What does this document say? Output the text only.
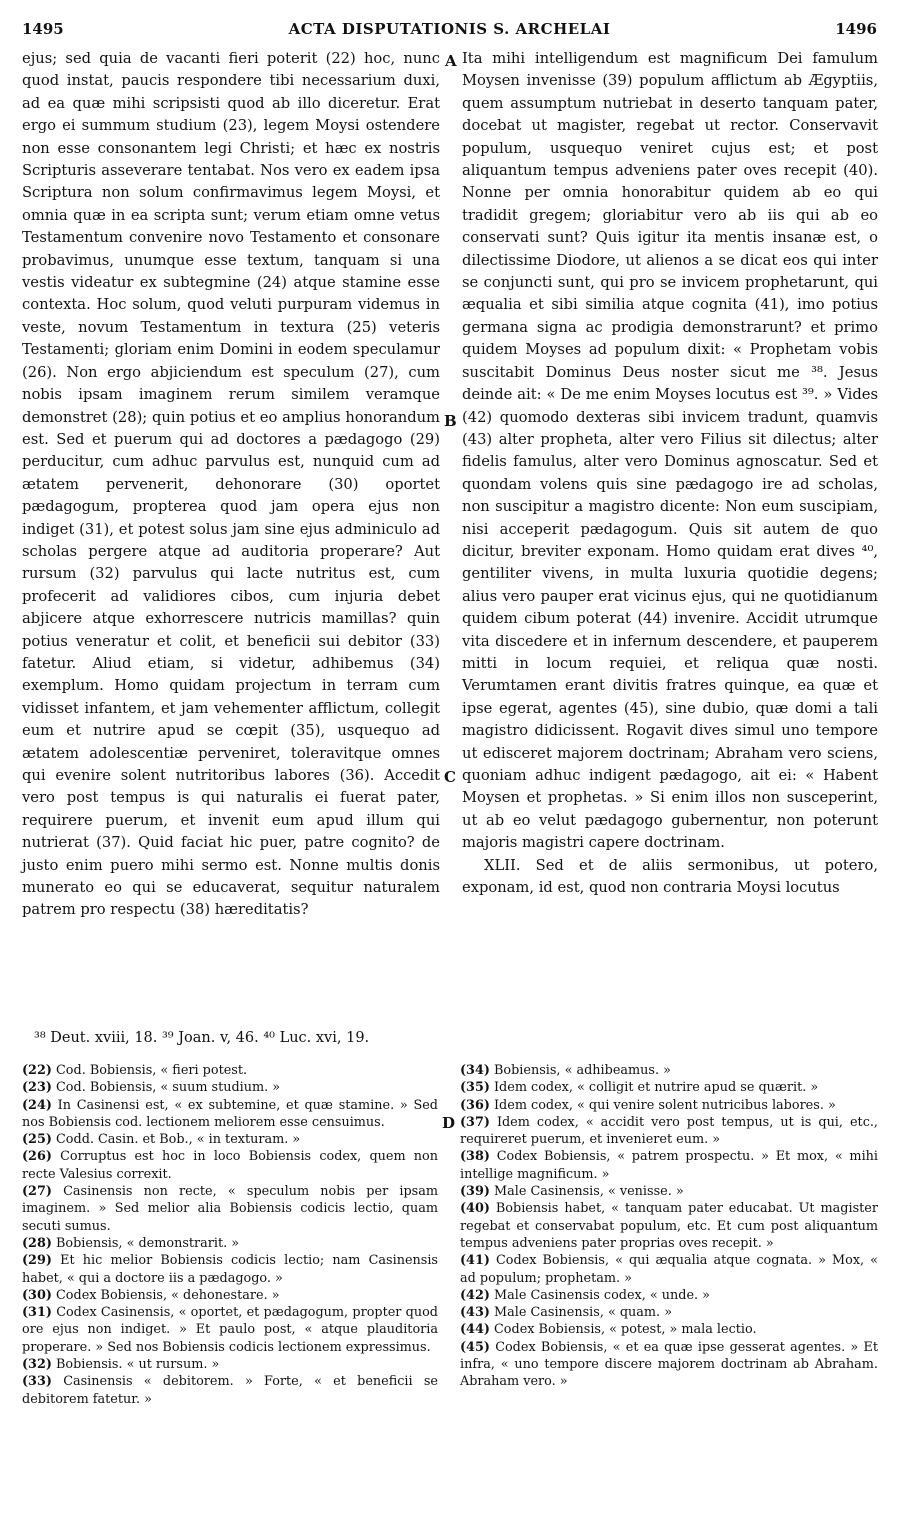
1495	ACTA DISPUTATIONIS S. ARCHELAI	1496

ejus; sed quia de vacanti fieri poterit (22) hoc, nunc quod instat, paucis respondere tibi necessarium duxi, ad ea quæ mihi scripsisti quod ab illo diceretur. Erat ergo ei summum studium (23), legem Moysi ostendere non esse consonantem legi Christi; et hæc ex nostris Scripturis asseverare tentabat. Nos vero ex eadem ipsa Scriptura non solum confirmavimus legem Moysi, et omnia quæ in ea scripta sunt; verum etiam omne vetus Testamentum convenire novo Testamento et consonare probavimus, unumque esse textum, tanquam si una vestis videatur ex subtegmine (24) atque stamine esse contexta. Hoc solum, quod veluti purpuram videmus in veste, novum Testamentum in textura (25) veteris Testamenti; gloriam enim Domini in eodem speculamur (26). Non ergo abjiciendum est speculum (27), cum nobis ipsam imaginem rerum similem veramque demonstret (28); quin potius et eo amplius honorandum est. Sed et puerum qui ad doctores a pædagogo (29) perducitur, cum adhuc parvulus est, nunquid cum ad ætatem pervenerit, dehonorare (30) oportet pædagogum, propterea quod jam opera ejus non indiget (31), et potest solus jam sine ejus adminiculo ad scholas pergere atque ad auditoria properare? Aut rursum (32) parvulus qui lacte nutritus est, cum profecerit ad validiores cibos, cum injuria debet abjicere atque exhorrescere nutricis mamillas? quin potius veneratur et colit, et beneficii sui debitor (33) fatetur. Aliud etiam, si videtur, adhibemus (34) exemplum. Homo quidam projectum in terram cum vidisset infantem, et jam vehementer afflictum, collegit eum et nutrire apud se cœpit (35), usquequo ad ætatem adolescentiæ perveniret, toleravitque omnes qui evenire solent nutritoribus labores (36). Accedit vero post tempus is qui naturalis ei fuerat pater, requirere puerum, et invenit eum apud illum qui nutrierat (37). Quid faciat hic puer, patre cognito? de justo enim puero mihi sermo est. Nonne multis donis munerato eo qui se educaverat, sequitur naturalem patrem pro respectu (38) hæreditatis?

A
B
C
D

Ita mihi intelligendum est magnificum Dei famulum Moysen invenisse (39) populum afflictum ab Ægyptiis, quem assumptum nutriebat in deserto tanquam pater, docebat ut magister, regebat ut rector. Conservavit populum, usquequo veniret cujus est; et post aliquantum tempus adveniens pater oves recepit (40). Nonne per omnia honorabitur quidem ab eo qui tradidit gregem; gloriabitur vero ab iis qui ab eo conservati sunt? Quis igitur ita mentis insanæ est, o dilectissime Diodore, ut alienos a se dicat eos qui inter se conjuncti sunt, qui pro se invicem prophetarunt, qui æqualia et sibi similia atque cognita (41), imo potius germana signa ac prodigia demonstrarunt? et primo quidem Moyses ad populum dixit: « Prophetam vobis suscitabit Dominus Deus noster sicut me ³⁸. Jesus deinde ait: « De me enim Moyses locutus est ³⁹. » Vides (42) quomodo dexteras sibi invicem tradunt, quamvis (43) alter propheta, alter vero Filius sit dilectus; alter fidelis famulus, alter vero Dominus agnoscatur. Sed et quondam volens quis sine pædagogo ire ad scholas, non suscipitur a magistro dicente: Non eum suscipiam, nisi acceperit pædagogum. Quis sit autem de quo dicitur, breviter exponam. Homo quidam erat dives ⁴⁰, gentiliter vivens, in multa luxuria quotidie degens; alius vero pauper erat vicinus ejus, qui ne quotidianum quidem cibum poterat (44) invenire. Accidit utrumque vita discedere et in infernum descendere, et pauperem mitti in locum requiei, et reliqua quæ nosti. Verumtamen erant divitis fratres quinque, ea quæ et ipse egerat, agentes (45), sine dubio, quæ domi a tali magistro didicissent. Rogavit dives simul uno tempore ut edisceret majorem doctrinam; Abraham vero sciens, quoniam adhuc indigent pædagogo, ait ei: « Habent Moysen et prophetas. » Si enim illos non susceperint, ut ab eo velut pædagogo gubernentur, non poterunt majoris magistri capere doctrinam.

XLII. Sed et de aliis sermonibus, ut potero, exponam, id est, quod non contraria Moysi locutus

³⁸ Deut. xviii, 18. ³⁹ Joan. v, 46. ⁴⁰ Luc. xvi, 19.

(22) Cod. Bobiensis, « fieri potest.

(23) Cod. Bobiensis, « suum studium. »

(24) In Casinensi est, « ex subtemine, et quæ stamine. » Sed nos Bobiensis cod. lectionem meliorem esse censuimus.

(25) Codd. Casin. et Bob., « in texturam. »

(26) Corruptus est hoc in loco Bobiensis codex, quem non recte Valesius correxit.

(27) Casinensis non recte, « speculum nobis per ipsam imaginem. » Sed melior alia Bobiensis codicis lectio, quam secuti sumus.

(28) Bobiensis, « demonstrarit. »

(29) Et hic melior Bobiensis codicis lectio; nam Casinensis habet, « qui a doctore iis a pædagogo. »

(30) Codex Bobiensis, « dehonestare. »

(31) Codex Casinensis, « oportet, et pædagogum, propter quod ore ejus non indiget. » Et paulo post, « atque plauditoria properare. » Sed nos Bobiensis codicis lectionem expressimus.

(32) Bobiensis. « ut rursum. »

(33) Casinensis « debitorem. » Forte, « et beneficii se debitorem fatetur. »

(34) Bobiensis, « adhibeamus. »

(35) Idem codex, « colligit et nutrire apud se quærit. »

(36) Idem codex, « qui venire solent nutricibus labores. »

(37) Idem codex, « accidit vero post tempus, ut is qui, etc., requireret puerum, et invenieret eum. »

(38) Codex Bobiensis, « patrem prospectu. » Et mox, « mihi intellige magnificum. »

(39) Male Casinensis, « venisse. »

(40) Bobiensis habet, « tanquam pater educabat. Ut magister regebat et conservabat populum, etc. Et cum post aliquantum tempus adveniens pater proprias oves recepit. »

(41) Codex Bobiensis, « qui æqualia atque cognata. » Mox, « ad populum; prophetam. »

(42) Male Casinensis codex, « unde. »

(43) Male Casinensis, « quam. »

(44) Codex Bobiensis, « potest, » mala lectio.

(45) Codex Bobiensis, « et ea quæ ipse gesserat agentes. » Et infra, « uno tempore discere majorem doctrinam ab Abraham. Abraham vero. »
